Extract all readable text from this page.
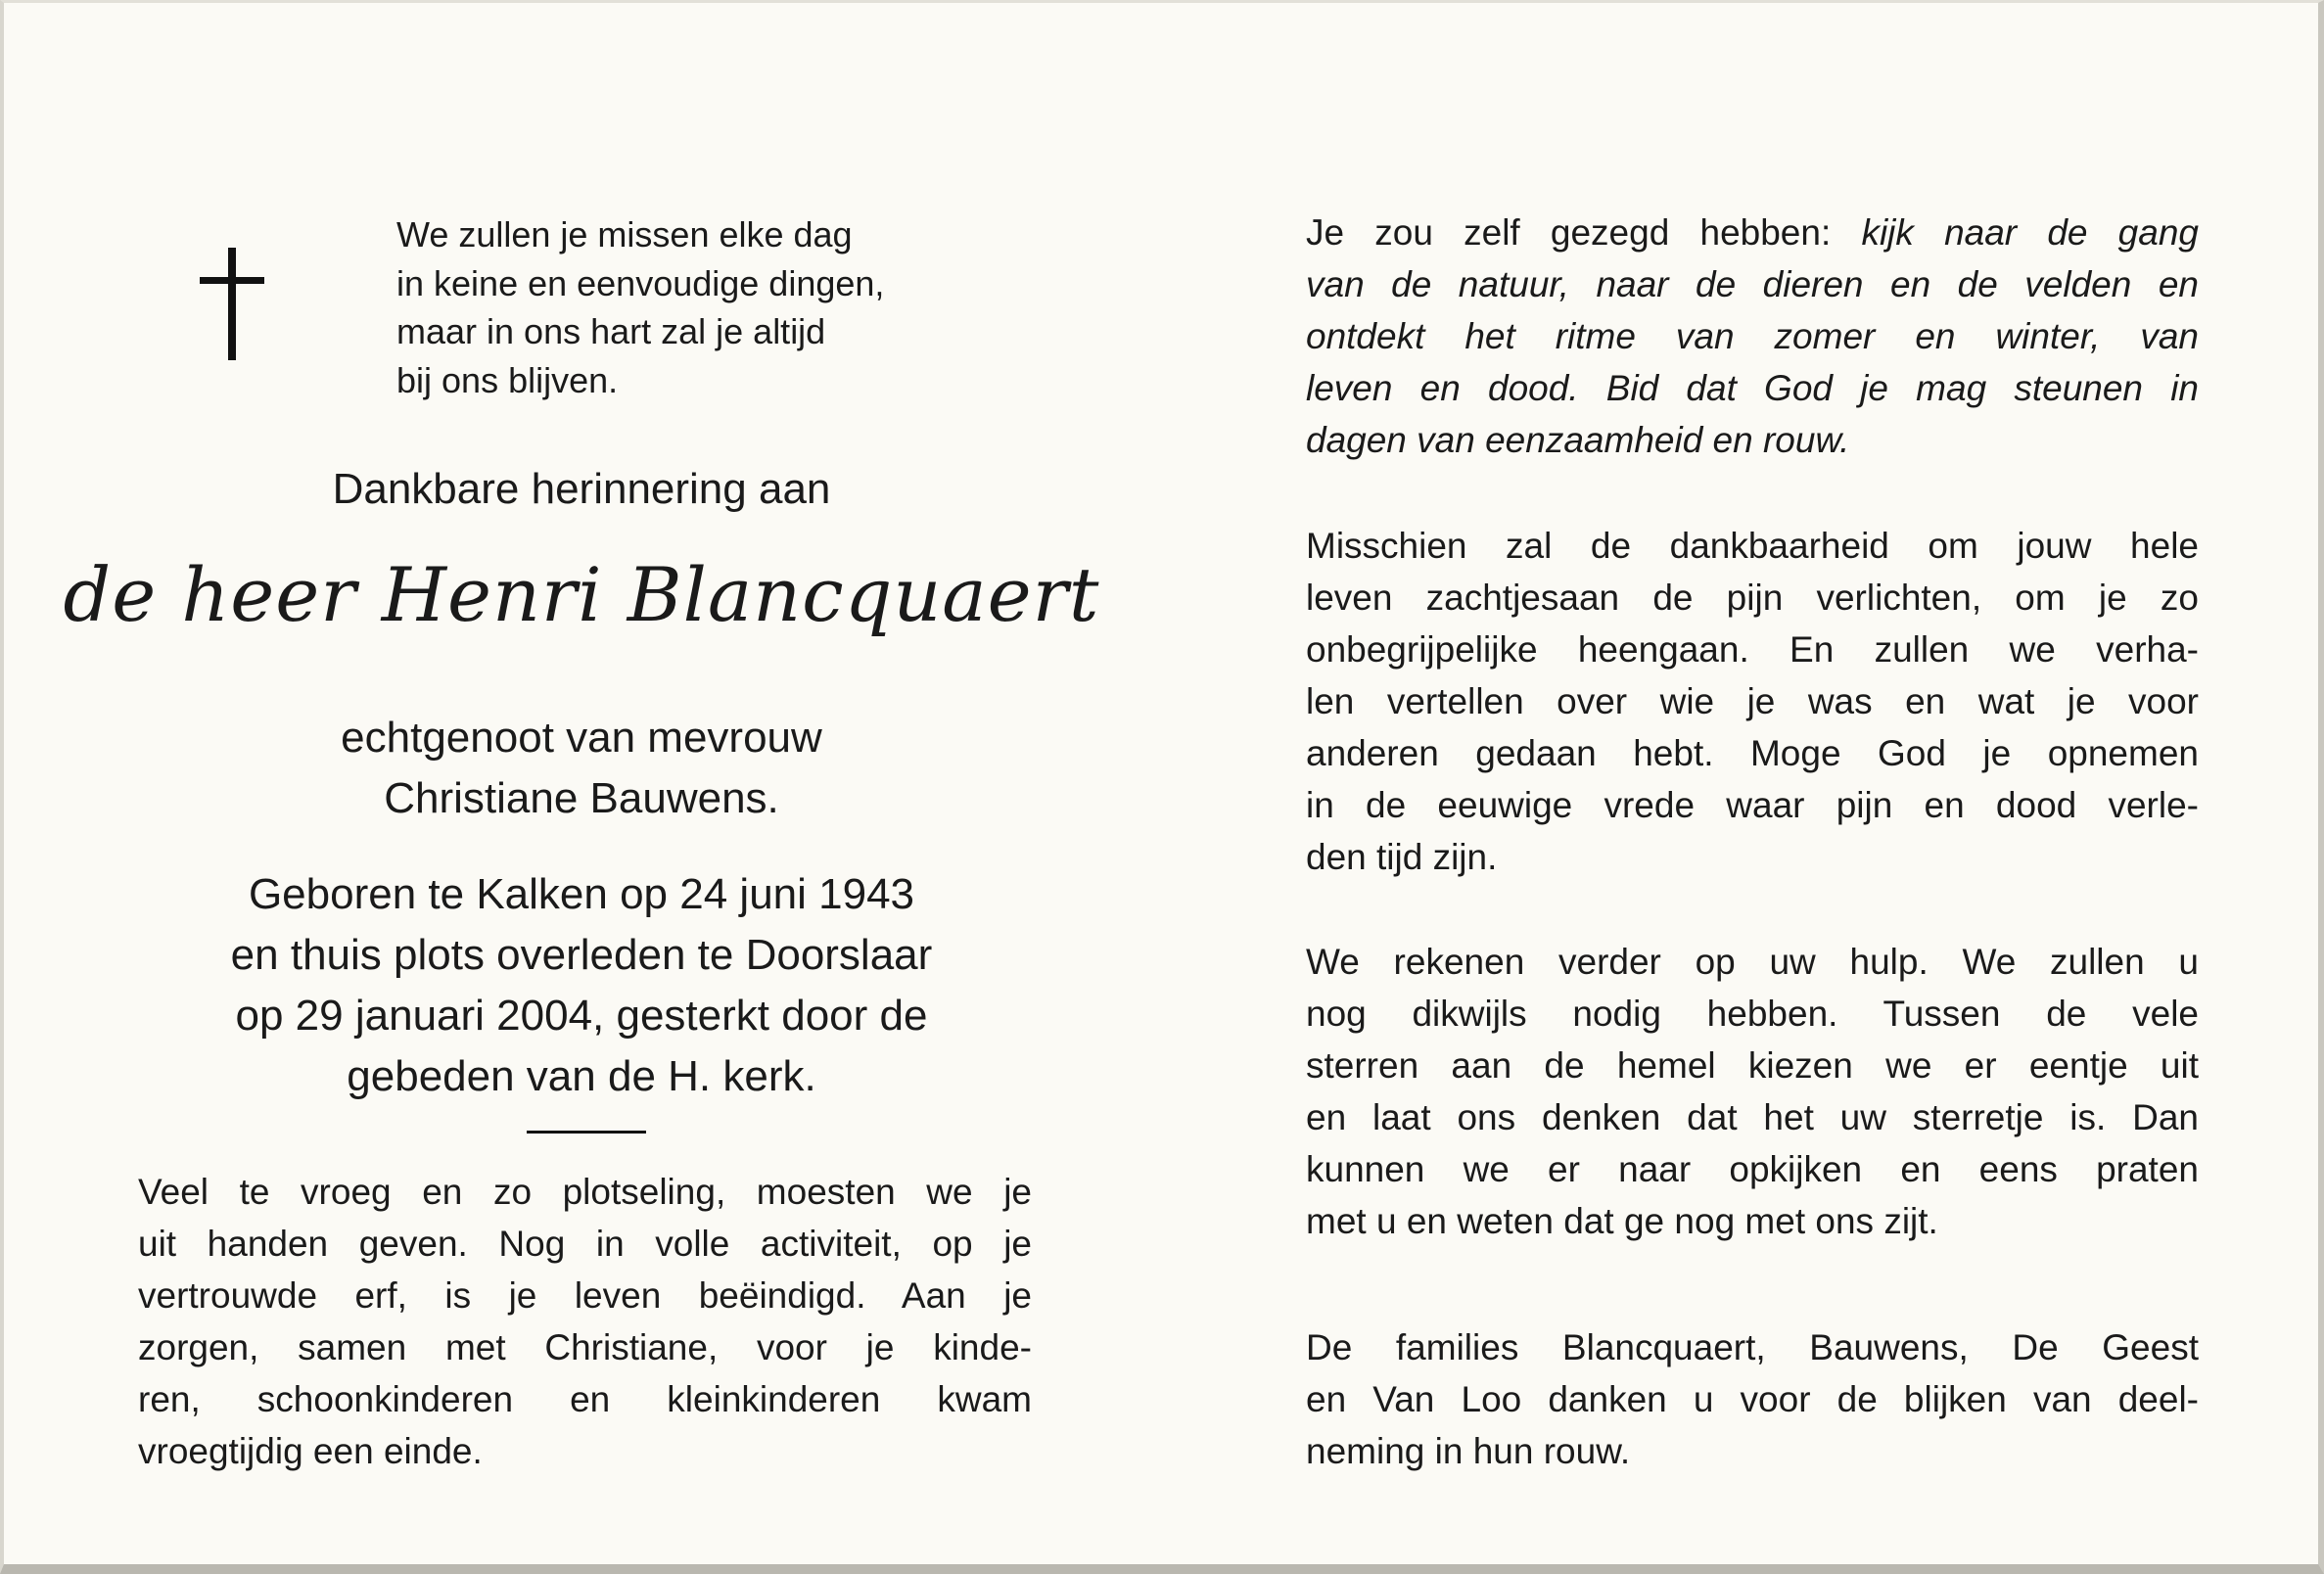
We zullen je missen elke dag
in keine en eenvoudige dingen,
maar in ons hart zal je altijd
bij ons blijven.
Dankbare herinnering aan
de heer Henri Blancquaert
echtgenoot van mevrouw
Christiane Bauwens.
Geboren te Kalken op 24 juni 1943
en thuis plots overleden te Doorslaar
op 29 januari 2004, gesterkt door de
gebeden van de H. kerk.
Veel te vroeg en zo plotseling, moesten we je
uit handen geven. Nog in volle activiteit, op je
vertrouwde erf, is je leven beëindigd. Aan je
zorgen, samen met Christiane, voor je kinde-
ren, schoonkinderen en kleinkinderen kwam
vroegtijdig een einde.
Je zou zelf gezegd hebben: kijk naar de gang
van de natuur, naar de dieren en de velden en
ontdekt het ritme van zomer en winter, van
leven en dood. Bid dat God je mag steunen in
dagen van eenzaamheid en rouw.
Misschien zal de dankbaarheid om jouw hele
leven zachtjesaan de pijn verlichten, om je zo
onbegrijpelijke heengaan. En zullen we verha-
len vertellen over wie je was en wat je voor
anderen gedaan hebt. Moge God je opnemen
in de eeuwige vrede waar pijn en dood verle-
den tijd zijn.
We rekenen verder op uw hulp. We zullen u
nog dikwijls nodig hebben. Tussen de vele
sterren aan de hemel kiezen we er eentje uit
en laat ons denken dat het uw sterretje is. Dan
kunnen we er naar opkijken en eens praten
met u en weten dat ge nog met ons zijt.
De families Blancquaert, Bauwens, De Geest
en Van Loo danken u voor de blijken van deel-
neming in hun rouw.
